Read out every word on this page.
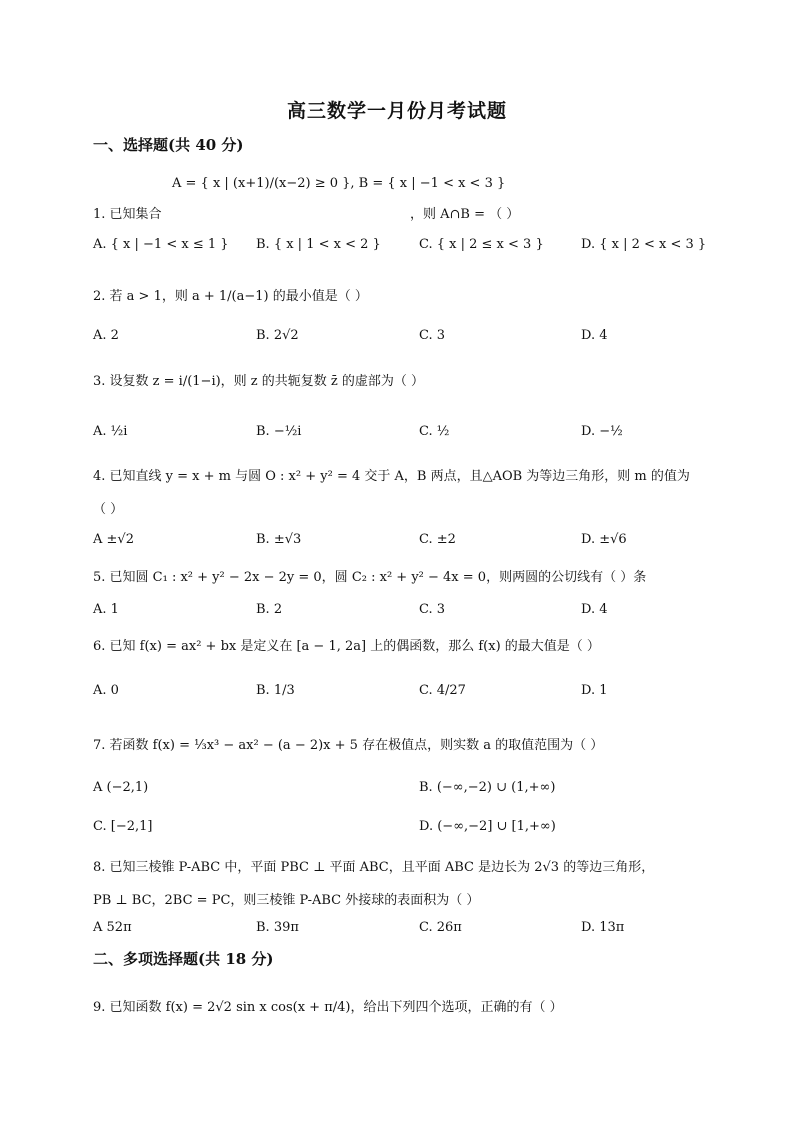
高三数学一月份月考试题
一、选择题(共 40 分)
1. 已知集合
A = { x | (x+1)/(x−2) ≥ 0 }, B = { x | −1 < x < 3 }
，则 A∩B = （ ）
A. { x | −1 < x ≤ 1 } B. { x | 1 < x < 2 }	C. { x | 2 ≤ x < 3 }	D. { x | 2 < x < 3 }
2. 若 a > 1，则 a + 1/(a−1) 的最小值是（ ）
A. 2	B. 2√2	C. 3	D. 4
3. 设复数 z = i/(1−i)，则 z 的共轭复数 z̄ 的虚部为（ ）
A. ½i	B. −½i	C. ½	D. −½
4. 已知直线 y = x + m 与圆 O : x² + y² = 4 交于 A，B 两点，且△AOB 为等边三角形，则 m 的值为
（ ）
A ±√2	B. ±√3	C. ±2	D. ±√6
5. 已知圆 C₁ : x² + y² − 2x − 2y = 0，圆 C₂ : x² + y² − 4x = 0，则两圆的公切线有（ ）条
A. 1	B. 2	C. 3	D. 4
6. 已知 f(x) = ax² + bx 是定义在 [a − 1, 2a] 上的偶函数，那么 f(x) 的最大值是（ ）
A. 0	B. 1/3	C. 4/27	D. 1
7. 若函数 f(x) = ⅓x³ − ax² − (a − 2)x + 5 存在极值点，则实数 a 的取值范围为（ ）
A (−2,1)	B. (−∞,−2) ∪ (1,+∞)
C. [−2,1]	D. (−∞,−2] ∪ [1,+∞)
8. 已知三棱锥 P-ABC 中，平面 PBC ⊥ 平面 ABC，且平面 ABC 是边长为 2√3 的等边三角形，
PB ⊥ BC，2BC = PC，则三棱锥 P-ABC 外接球的表面积为（ ）
A 52π	B. 39π	C. 26π	D. 13π
二、多项选择题(共 18 分)
9. 已知函数 f(x) = 2√2 sin x cos(x + π/4)，给出下列四个选项，正确的有（ ）
